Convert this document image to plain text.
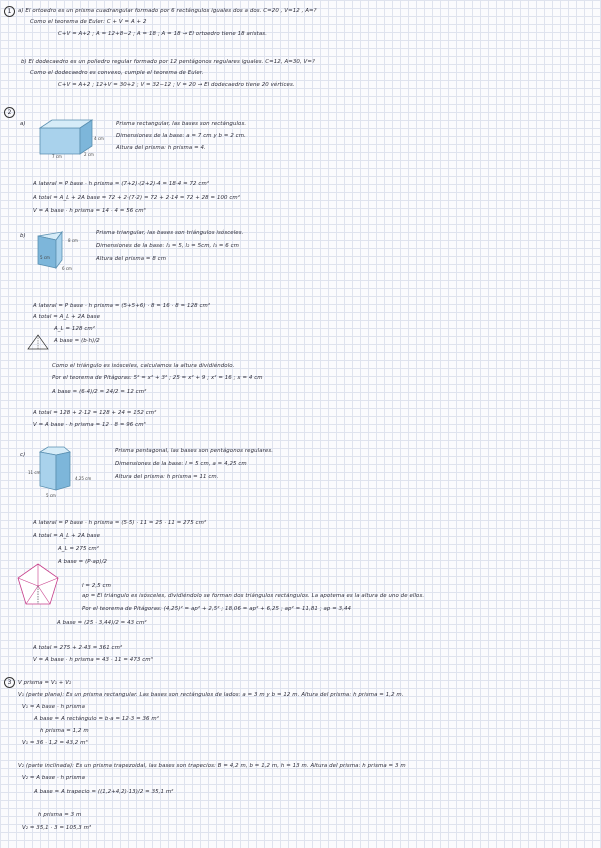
1	a) El ortoedro es un prisma cuadrangular formado por 6 rectángulos iguales dos a dos. C=20 , V=12 , A=?
Como el teorema de Euler: C + V = A + 2
C+V = A+2 ; A = 12+8−2 ; A = 18 ; A = 18 → El ortoedro tiene 18 aristas.
b) El dodecaedro es un poliedro regular formado por 12 pentágonos regulares iguales. C=12, A=30, V=?
Como el dodecaedro es convexo, cumple el teorema de Euler.
C+V = A+2 ; 12+V = 30+2 ; V = 32−12 ; V = 20 → El dodecaedro tiene 20 vértices.
2
a)
7 cm	2 cm
4 cm
Prisma rectangular, las bases son rectángulos.
Dimensiones de la base: a = 7 cm y b = 2 cm.
Altura del prisma: h prisma = 4.
A lateral = P base · h prisma = (7+2)·(2+2)·4 = 18·4 = 72 cm²
A total = A_L + 2A base = 72 + 2·(7·2) = 72 + 2·14 = 72 + 28 = 100 cm²
V = A base · h prisma = 14 · 4 = 56 cm³
b)
5 cm
8 cm
6 cm
Prisma triangular, las bases son triángulos isósceles.
Dimensiones de la base: l₁ = 5, l₂ = 5cm, l₃ = 6 cm
Altura del prisma = 8 cm
A lateral = P base · h prisma = (5+5+6) · 8 = 16 · 8 = 128 cm²
A total = A_L + 2A base
A_L = 128 cm²
A base = (b·h)/2
Como el triángulo es isósceles, calculamos la altura dividiéndolo.
Por el teorema de Pitágoras: 5² = x² + 3² ; 25 = x² + 9 ; x² = 16 ; x = 4 cm
A base = (6·4)/2 = 24/2 = 12 cm²
A total = 128 + 2·12 = 128 + 24 = 152 cm²
V = A base · h prisma = 12 · 8 = 96 cm³
c)
11 cm
4,25 cm
5 cm
Prisma pentagonal, las bases son pentágonos regulares.
Dimensiones de la base: l = 5 cm, a = 4,25 cm
Altura del prisma: h prisma = 11 cm.
A lateral = P base · h prisma = (5·5) · 11 = 25 · 11 = 275 cm²
A total = A_L + 2A base
A_L = 275 cm²
A base = (P·ap)/2
l = 2,5 cm
ap = El triángulo es isósceles, dividiéndolo se forman dos triángulos rectángulos. La apotema es la altura de uno de ellos.
Por el teorema de Pitágoras: (4,25)² = ap² + 2,5² ; 18,06 = ap² + 6,25 ; ap² = 11,81 ; ap = 3,44
A base = (25 · 3,44)/2 = 43 cm²
A total = 275 + 2·43 = 361 cm²
V = A base · h prisma = 43 · 11 = 473 cm³
3	V prisma = V₁ + V₂
V₁ (parte plana): Es un prisma rectangular. Las bases son rectángulos de lados: a = 3 m y b = 12 m. Altura del prisma: h prisma = 1,2 m.
V₁ = A base · h prisma
A base = A rectángulo = b·a = 12·3 = 36 m²
h prisma = 1,2 m
V₁ = 36 · 1,2 = 43,2 m³
V₂ (parte inclinada): Es un prisma trapezoidal, las bases son trapecios: B = 4,2 m, b = 1,2 m, h = 13 m. Altura del prisma: h prisma = 3 m
V₂ = A base · h prisma
A base = A trapecio = ((1,2+4,2)·13)/2 = 35,1 m²
h prisma = 3 m
V₂ = 35,1 · 3 = 105,3 m³
